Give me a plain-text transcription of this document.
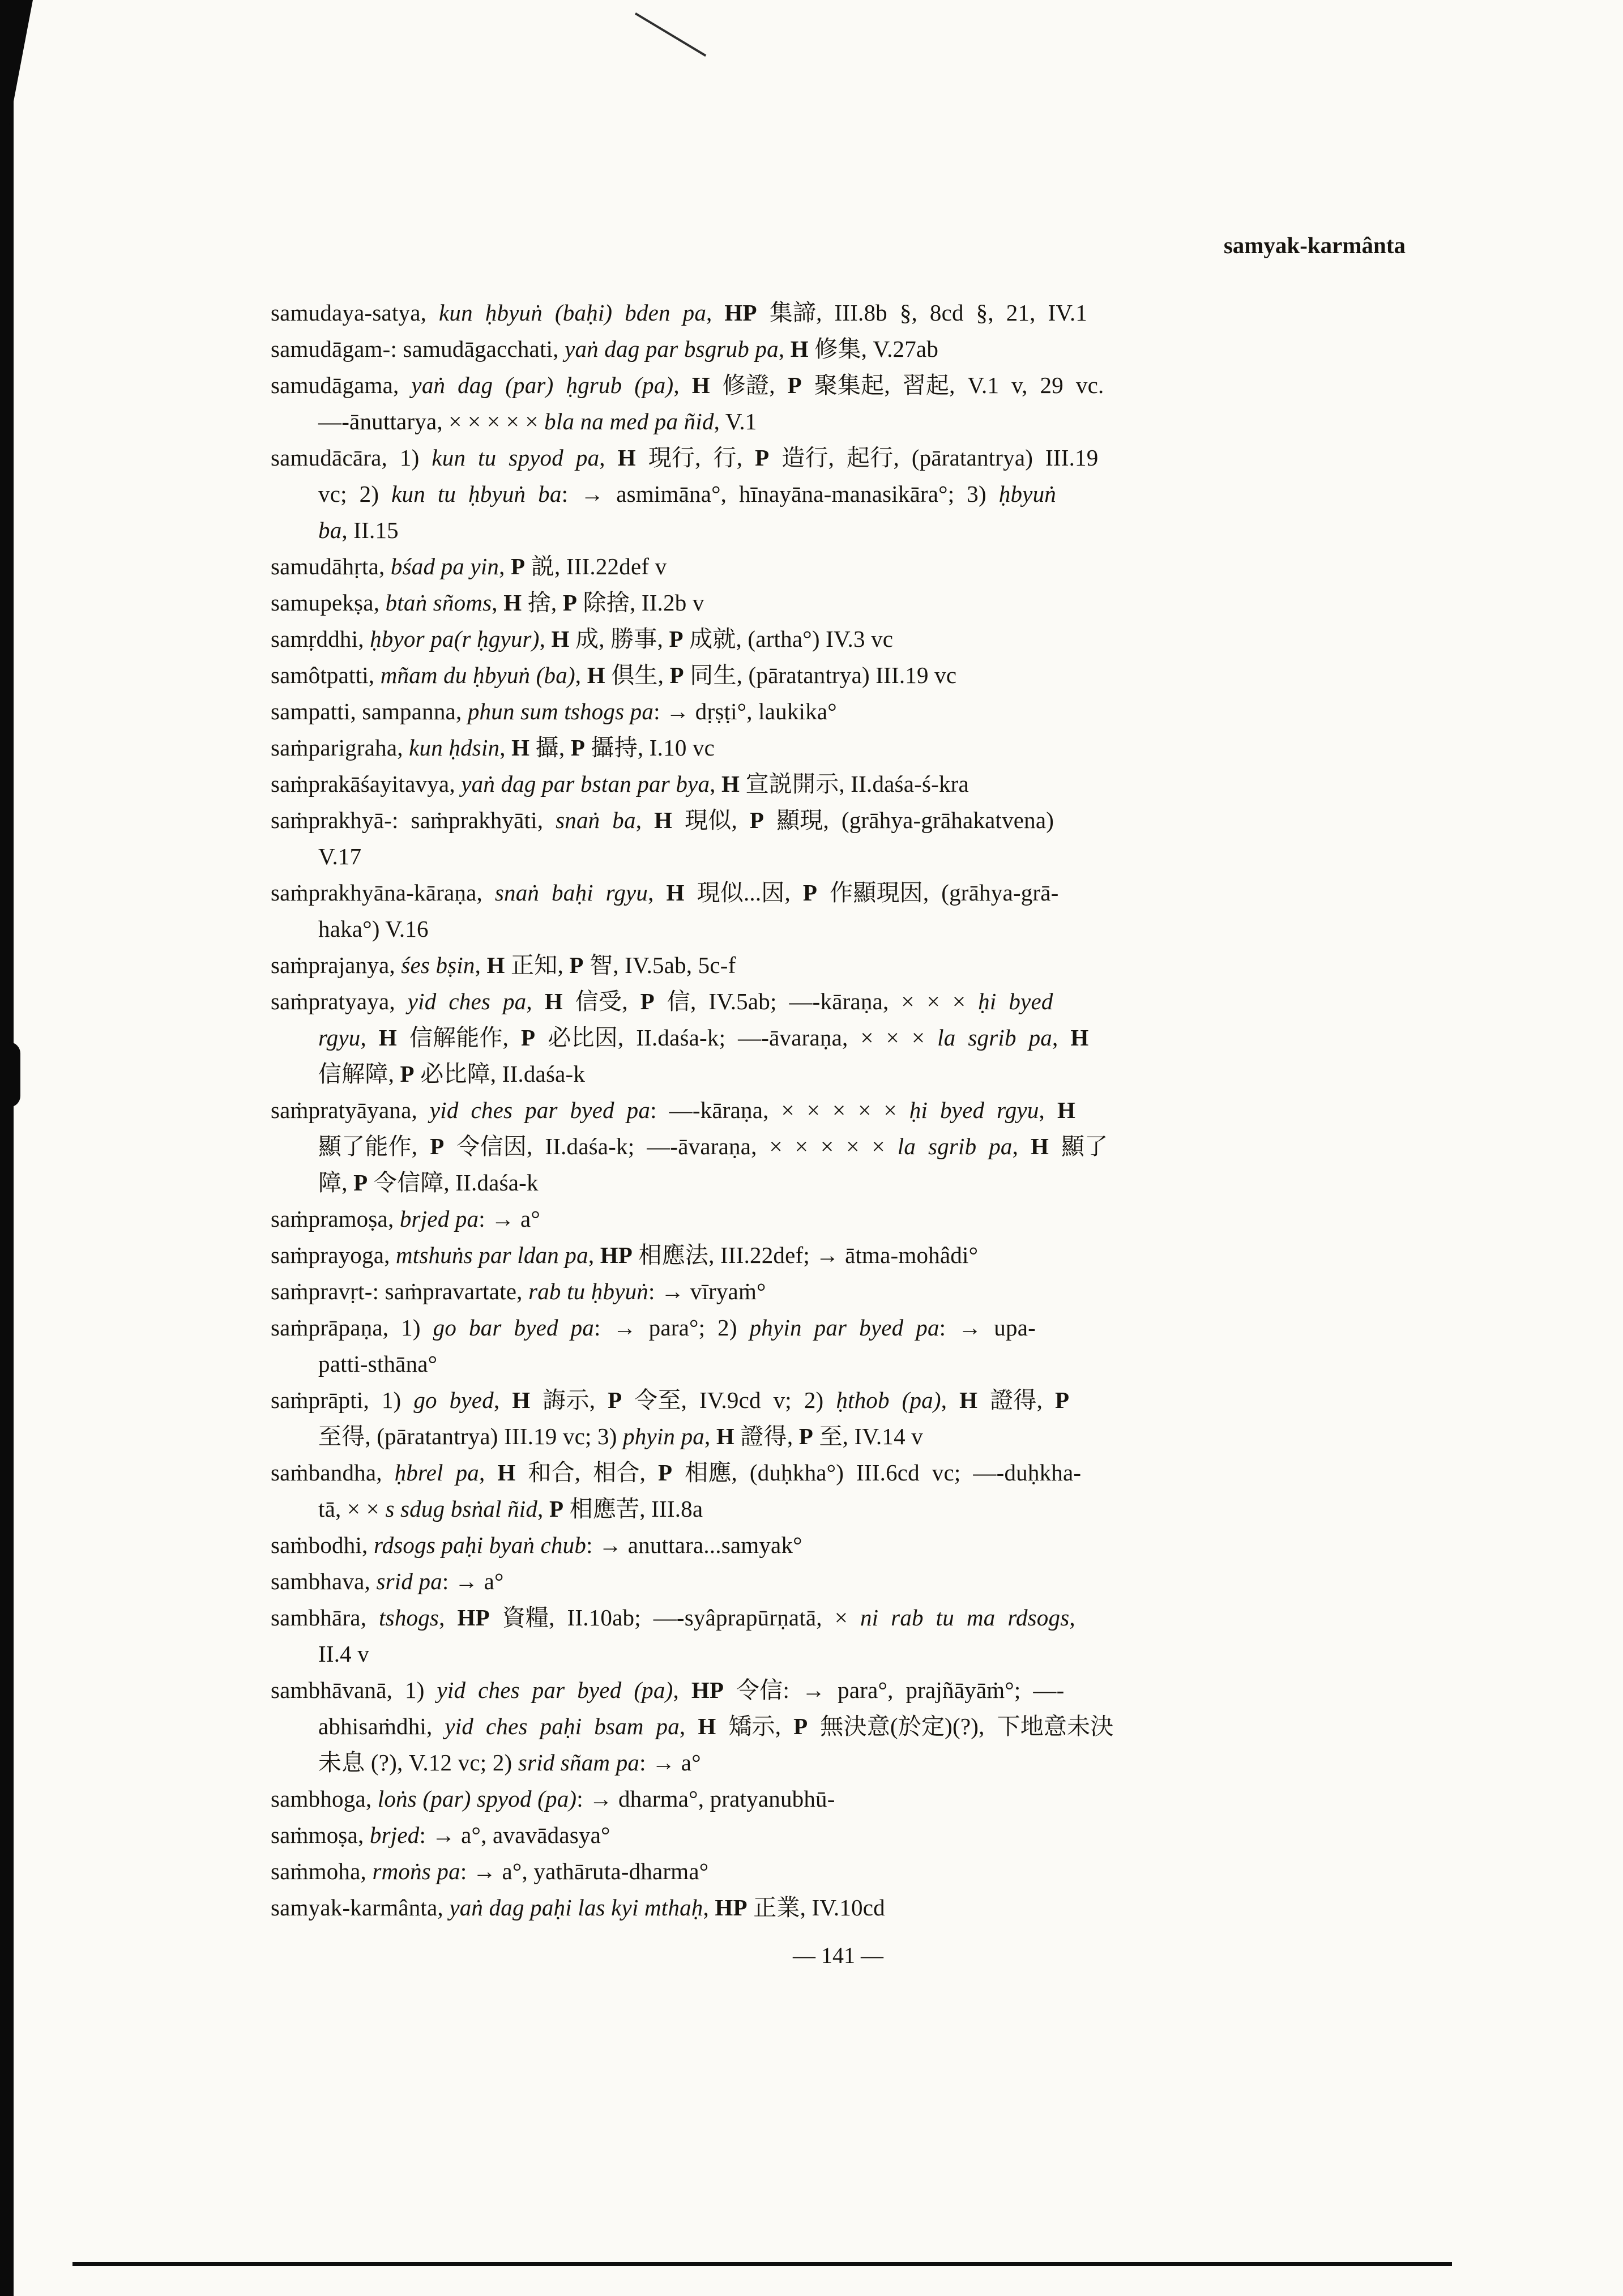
samyak-karmânta
samudaya-satya, kun ḥbyuṅ (baḥi) bden pa, HP 集諦, III.8b §, 8cd §, 21, IV.1
samudāgam-: samudāgacchati, yaṅ dag par bsgrub pa, H 修集, V.27ab
samudāgama, yaṅ dag (par) ḥgrub (pa), H 修證, P 聚集起, 習起, V.1 v, 29 vc.
—-ānuttarya, × × × × × bla na med pa ñid, V.1
samudācāra, 1) kun tu spyod pa, H 現行, 行, P 造行, 起行, (pāratantrya) III.19
vc; 2) kun tu ḥbyuṅ ba: → asmimāna°, hīnayāna-manasikāra°; 3) ḥbyuṅ
ba, II.15
samudāhṛta, bśad pa yin, P 説, III.22def v
samupekṣa, btaṅ sñoms, H 捨, P 除捨, II.2b v
samṛddhi, ḥbyor pa(r ḥgyur), H 成, 勝事, P 成就, (artha°) IV.3 vc
samôtpatti, mñam du ḥbyuṅ (ba), H 倶生, P 同生, (pāratantrya) III.19 vc
sampatti, sampanna, phun sum tshogs pa: → dṛṣṭi°, laukika°
saṁparigraha, kun ḥdsin, H 攝, P 攝持, I.10 vc
saṁprakāśayitavya, yaṅ dag par bstan par bya, H 宣説開示, II.daśa-ś-kra
saṁprakhyā-: saṁprakhyāti, snaṅ ba, H 現似, P 顯現, (grāhya-grāhakatvena)
V.17
saṁprakhyāna-kāraṇa, snaṅ baḥi rgyu, H 現似...因, P 作顯現因, (grāhya-grā-
haka°) V.16
saṁprajanya, śes bṣin, H 正知, P 智, IV.5ab, 5c-f
saṁpratyaya, yid ches pa, H 信受, P 信, IV.5ab; —-kāraṇa, × × × ḥi byed
rgyu, H 信解能作, P 必比因, II.daśa-k; —-āvaraṇa, × × × la sgrib pa, H
信解障, P 必比障, II.daśa-k
saṁpratyāyana, yid ches par byed pa: —-kāraṇa, × × × × × ḥi byed rgyu, H
顯了能作, P 令信因, II.daśa-k; —-āvaraṇa, × × × × × la sgrib pa, H 顯了
障, P 令信障, II.daśa-k
saṁpramoṣa, brjed pa: → a°
saṁprayoga, mtshuṅs par ldan pa, HP 相應法, III.22def; → ātma-mohâdi°
saṁpravṛt-: saṁpravartate, rab tu ḥbyuṅ: → vīryaṁ°
saṁprāpaṇa, 1) go bar byed pa: → para°; 2) phyin par byed pa: → upa-
patti-sthāna°
saṁprāpti, 1) go byed, H 誨示, P 令至, IV.9cd v; 2) ḥthob (pa), H 證得, P
至得, (pāratantrya) III.19 vc; 3) phyin pa, H 證得, P 至, IV.14 v
saṁbandha, ḥbrel pa, H 和合, 相合, P 相應, (duḥkha°) III.6cd vc; —-duḥkha-
tā, × × s sdug bsṅal ñid, P 相應苦, III.8a
saṁbodhi, rdsogs paḥi byaṅ chub: → anuttara...samyak°
sambhava, srid pa: → a°
sambhāra, tshogs, HP 資糧, II.10ab; —-syâprapūrṇatā, × ni rab tu ma rdsogs,
II.4 v
sambhāvanā, 1) yid ches par byed (pa), HP 令信: → para°, prajñāyāṁ°; —-
abhisaṁdhi, yid ches paḥi bsam pa, H 矯示, P 無決意(於定)(?), 下地意未決
未息 (?), V.12 vc; 2) srid sñam pa: → a°
sambhoga, loṅs (par) spyod (pa): → dharma°, pratyanubhū-
saṁmoṣa, brjed: → a°, avavādasya°
saṁmoha, rmoṅs pa: → a°, yathāruta-dharma°
samyak-karmânta, yaṅ dag paḥi las kyi mthaḥ, HP 正業, IV.10cd
— 141 —
